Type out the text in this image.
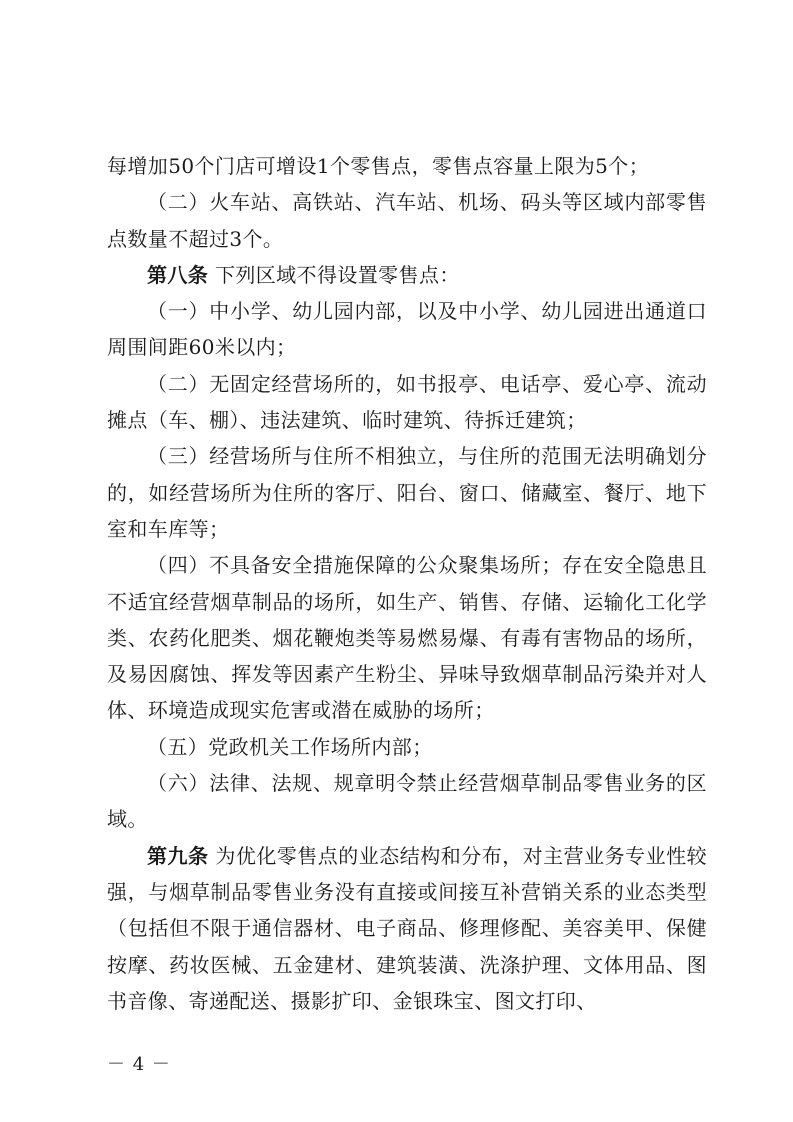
每增加50个门店可增设1个零售点，零售点容量上限为5个；

（二）火车站、高铁站、汽车站、机场、码头等区域内部零售点数量不超过3个。

第八条 下列区域不得设置零售点：

（一）中小学、幼儿园内部，以及中小学、幼儿园进出通道口周围间距60米以内；

（二）无固定经营场所的，如书报亭、电话亭、爱心亭、流动摊点（车、棚）、违法建筑、临时建筑、待拆迁建筑；

（三）经营场所与住所不相独立，与住所的范围无法明确划分的，如经营场所为住所的客厅、阳台、窗口、储藏室、餐厅、地下室和车库等；

（四）不具备安全措施保障的公众聚集场所；存在安全隐患且不适宜经营烟草制品的场所，如生产、销售、存储、运输化工化学类、农药化肥类、烟花鞭炮类等易燃易爆、有毒有害物品的场所，及易因腐蚀、挥发等因素产生粉尘、异味导致烟草制品污染并对人体、环境造成现实危害或潜在威胁的场所；

（五）党政机关工作场所内部；

（六）法律、法规、规章明令禁止经营烟草制品零售业务的区域。

第九条 为优化零售点的业态结构和分布，对主营业务专业性较强，与烟草制品零售业务没有直接或间接互补营销关系的业态类型（包括但不限于通信器材、电子商品、修理修配、美容美甲、保健按摩、药妆医械、五金建材、建筑装潢、洗涤护理、文体用品、图书音像、寄递配送、摄影扩印、金银珠宝、图文打印、

－ 4 －
